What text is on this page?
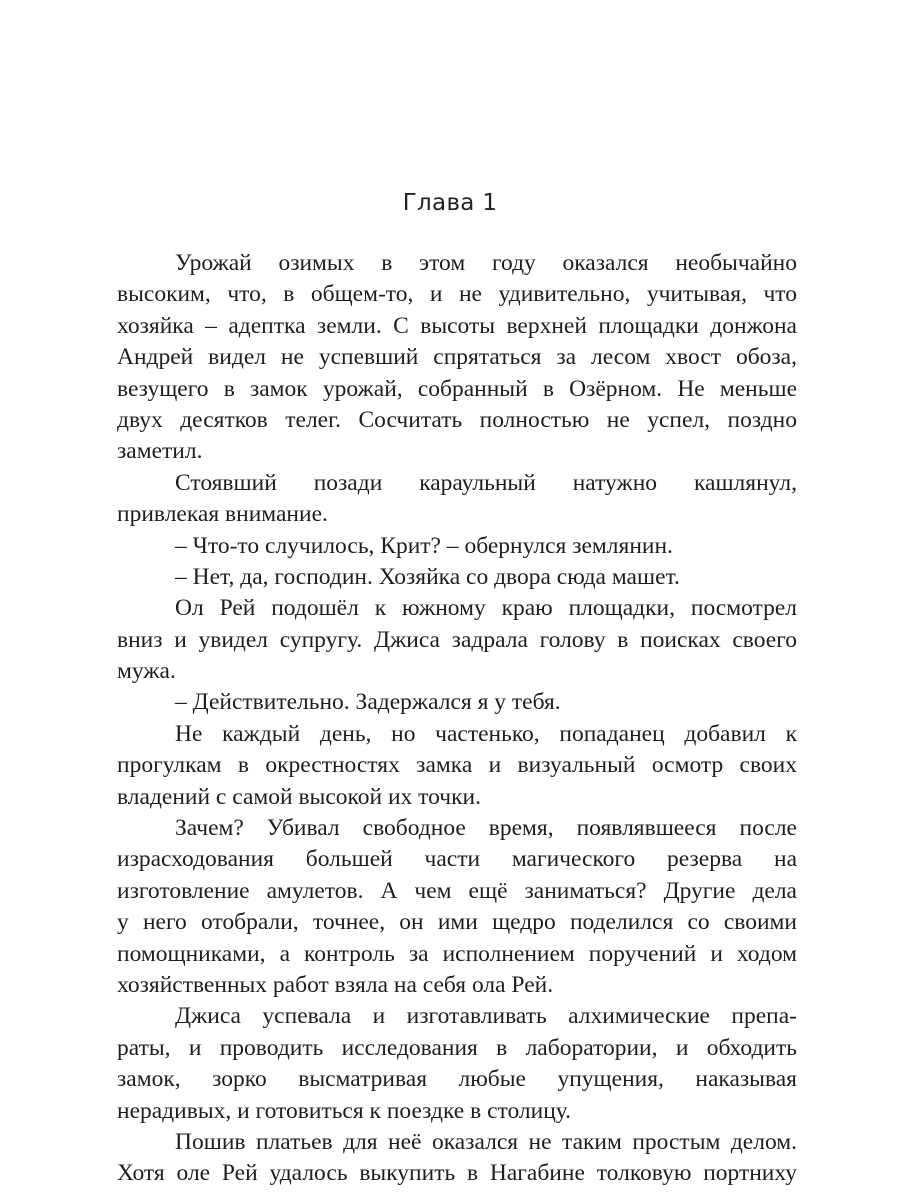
Глава 1
Урожай озимых в этом году оказался необычайно
высоким, что, в общем-то, и не удивительно, учитывая, что
хозяйка – адептка земли. С высоты верхней площадки донжона
Андрей видел не успевший спрятаться за лесом хвост обоза,
везущего в замок урожай, собранный в Озёрном. Не меньше
двух десятков телег. Сосчитать полностью не успел, поздно
заметил.
Стоявший позади караульный натужно кашлянул,
привлекая внимание.
– Что-то случилось, Крит? – обернулся землянин.
– Нет, да, господин. Хозяйка со двора сюда машет.
Ол Рей подошёл к южному краю площадки, посмотрел
вниз и увидел супругу. Джиса задрала голову в поисках своего
мужа.
– Действительно. Задержался я у тебя.
Не каждый день, но частенько, попаданец добавил к
прогулкам в окрестностях замка и визуальный осмотр своих
владений с самой высокой их точки.
Зачем? Убивал свободное время, появлявшееся после
израсходования большей части магического резерва на
изготовление амулетов. А чем ещё заниматься? Другие дела
у него отобрали, точнее, он ими щедро поделился со своими
помощниками, а контроль за исполнением поручений и ходом
хозяйственных работ взяла на себя ола Рей.
Джиса успевала и изготавливать алхимические препа-
раты, и проводить исследования в лаборатории, и обходить
замок, зорко высматривая любые упущения, наказывая
нерадивых, и готовиться к поездке в столицу.
Пошив платьев для неё оказался не таким простым делом.
Хотя оле Рей удалось выкупить в Нагабине толковую портниху
